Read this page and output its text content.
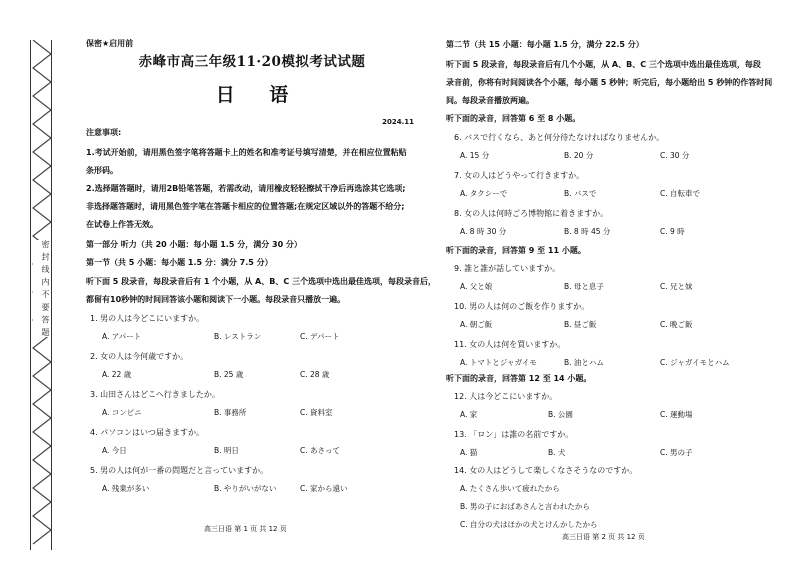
密 封 线 内 不 要 答 题
保密★启用前
赤峰市高三年级11·20模拟考试试题
日 语
2024.11
注意事项:
1.考试开始前，请用黑色签字笔将答题卡上的姓名和准考证号填写清楚，并在相应位置粘贴
条形码。
2.选择题答题时，请用2B铅笔答题，若需改动，请用橡皮轻轻擦拭干净后再选涂其它选项;
非选择题答题时，请用黑色签字笔在答题卡相应的位置答题;在规定区域以外的答题不给分;
在试卷上作答无效。
第一部分 听力（共 20 小题：每小题 1.5 分，满分 30 分）
第一节（共 5 小题：每小题 1.5 分：满分 7.5 分）
听下面 5 段录音，每段录音后有 1 个小题，从 A、B、C 三个选项中选出最佳选项，每段录音后，
都留有10秒钟的时间回答该小题和阅读下一小题。每段录音只播放一遍。
1. 男の人は今どこにいますか。
A. アパート	B. レストラン	C. デパート
2. 女の人は今何歳ですか。
A. 22 歳	B. 25 歳	C. 28 歳
3. 山田さんはどこへ行きましたか。
A. コンビニ	B. 事務所	C. 資料室
4. パソコンはいつ届きますか。
A. 今日	B. 明日	C. あさって
5. 男の人は何が一番の問題だと言っていますか。
A. 残業が多い	B. やりがいがない	C. 家から遠い
高三日语 第 1 页 共 12 页
第二节（共 15 小题：每小题 1.5 分，满分 22.5 分）
听下面 5 段录音，每段录音后有几个小题，从 A、B、C 三个选项中选出最佳选项，每段
录音前，你将有时间阅读各个小题，每小题 5 秒钟；听完后，每小题给出 5 秒钟的作答时间
间。每段录音播放两遍。
听下面的录音，回答第 6 至 8 小题。
听下面的录音，回答第 9 至 11 小题。
听下面的录音，回答第 12 至 14 小题。
6. バスで行くなら、あと何分待たなければなりませんか。
A. 15 分	B. 20 分	C. 30 分
7. 女の人はどうやって行きますか。
A. タクシーで	B. バスで	C. 自転車で
8. 女の人は何時ごろ博物館に着きますか。
A. 8 時 30 分	B. 8 時 45 分	C. 9 時
9. 誰と誰が話していますか。
A. 父と娘	B. 母と息子	C. 兄と妹
10. 男の人は何のご飯を作りますか。
A. 朝ご飯	B. 昼ご飯	C. 晩ご飯
11. 女の人は何を買いますか。
A. トマトとジャガイモ	B. 油とハム	C. ジャガイモとハム
12. 人は今どこにいますか。
A. 家	B. 公園	C. 運動場
13. 「ロン」は誰の名前ですか。
A. 猫	B. 犬	C. 男の子
14. 女の人はどうして楽しくなさそうなのですか。
A. たくさん歩いて疲れたから
B. 男の子におばあさんと言われたから
C. 自分の犬はほかの犬とけんかしたから
高三日语 第 2 页 共 12 页
